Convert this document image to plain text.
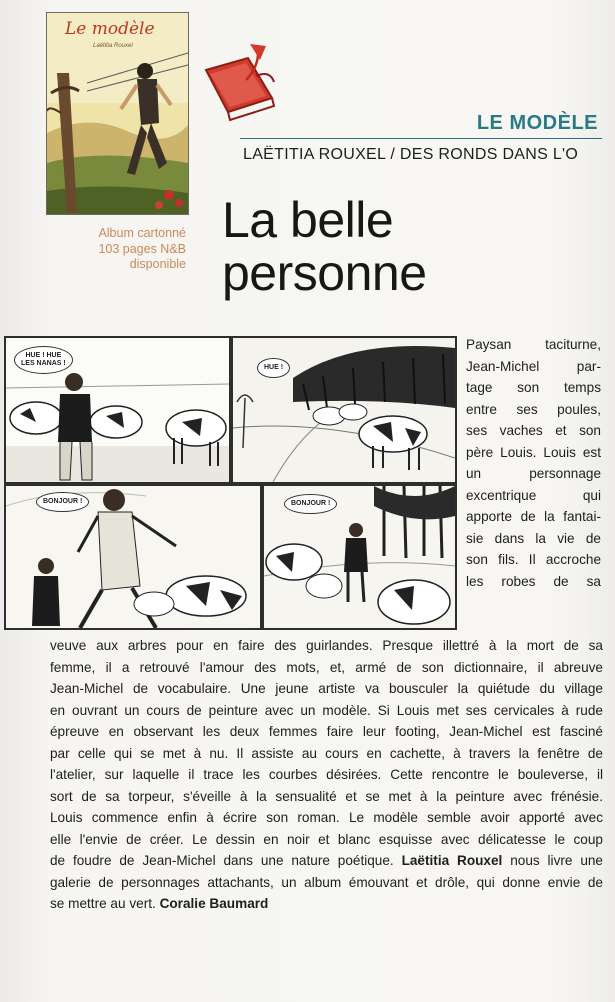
Le modèle
Laëtitia Rouxel
LE MODÈLE
LAËTITIA ROUXEL / DES RONDS DANS L'O
Album cartonné
103 pages N&B
disponible
La belle
personne
HUE ! HUE
LES NANAS !
HUE !
BONJOUR !	BONJOUR !
Paysan taciturne,
Jean-Michel par-
tage son temps
entre ses poules,
ses vaches et son
père Louis. Louis est
un personnage
excentrique qui
apporte de la fantai-
sie dans la vie de
son fils. Il accroche
les robes de sa
veuve aux arbres pour en faire des guirlandes. Presque illettré à la mort de sa
femme, il a retrouvé l'amour des mots, et, armé de son dictionnaire, il abreuve
Jean-Michel de vocabulaire. Une jeune artiste va bousculer la quiétude du village
en ouvrant un cours de peinture avec un modèle. Si Louis met ses cervicales à rude
épreuve en observant les deux femmes faire leur footing, Jean-Michel est fasciné
par celle qui se met à nu. Il assiste au cours en cachette, à travers la fenêtre de
l'atelier, sur laquelle il trace les courbes désirées. Cette rencontre le bouleverse, il
sort de sa torpeur, s'éveille à la sensualité et se met à la peinture avec frénésie.
Louis commence enfin à écrire son roman. Le modèle semble avoir apporté avec
elle l'envie de créer. Le dessin en noir et blanc esquisse avec délicatesse le coup
de foudre de Jean-Michel dans une nature poétique. Laëtitia Rouxel nous livre une
galerie de personnages attachants, un album émouvant et drôle, qui donne envie de
se mettre au vert. Coralie Baumard
